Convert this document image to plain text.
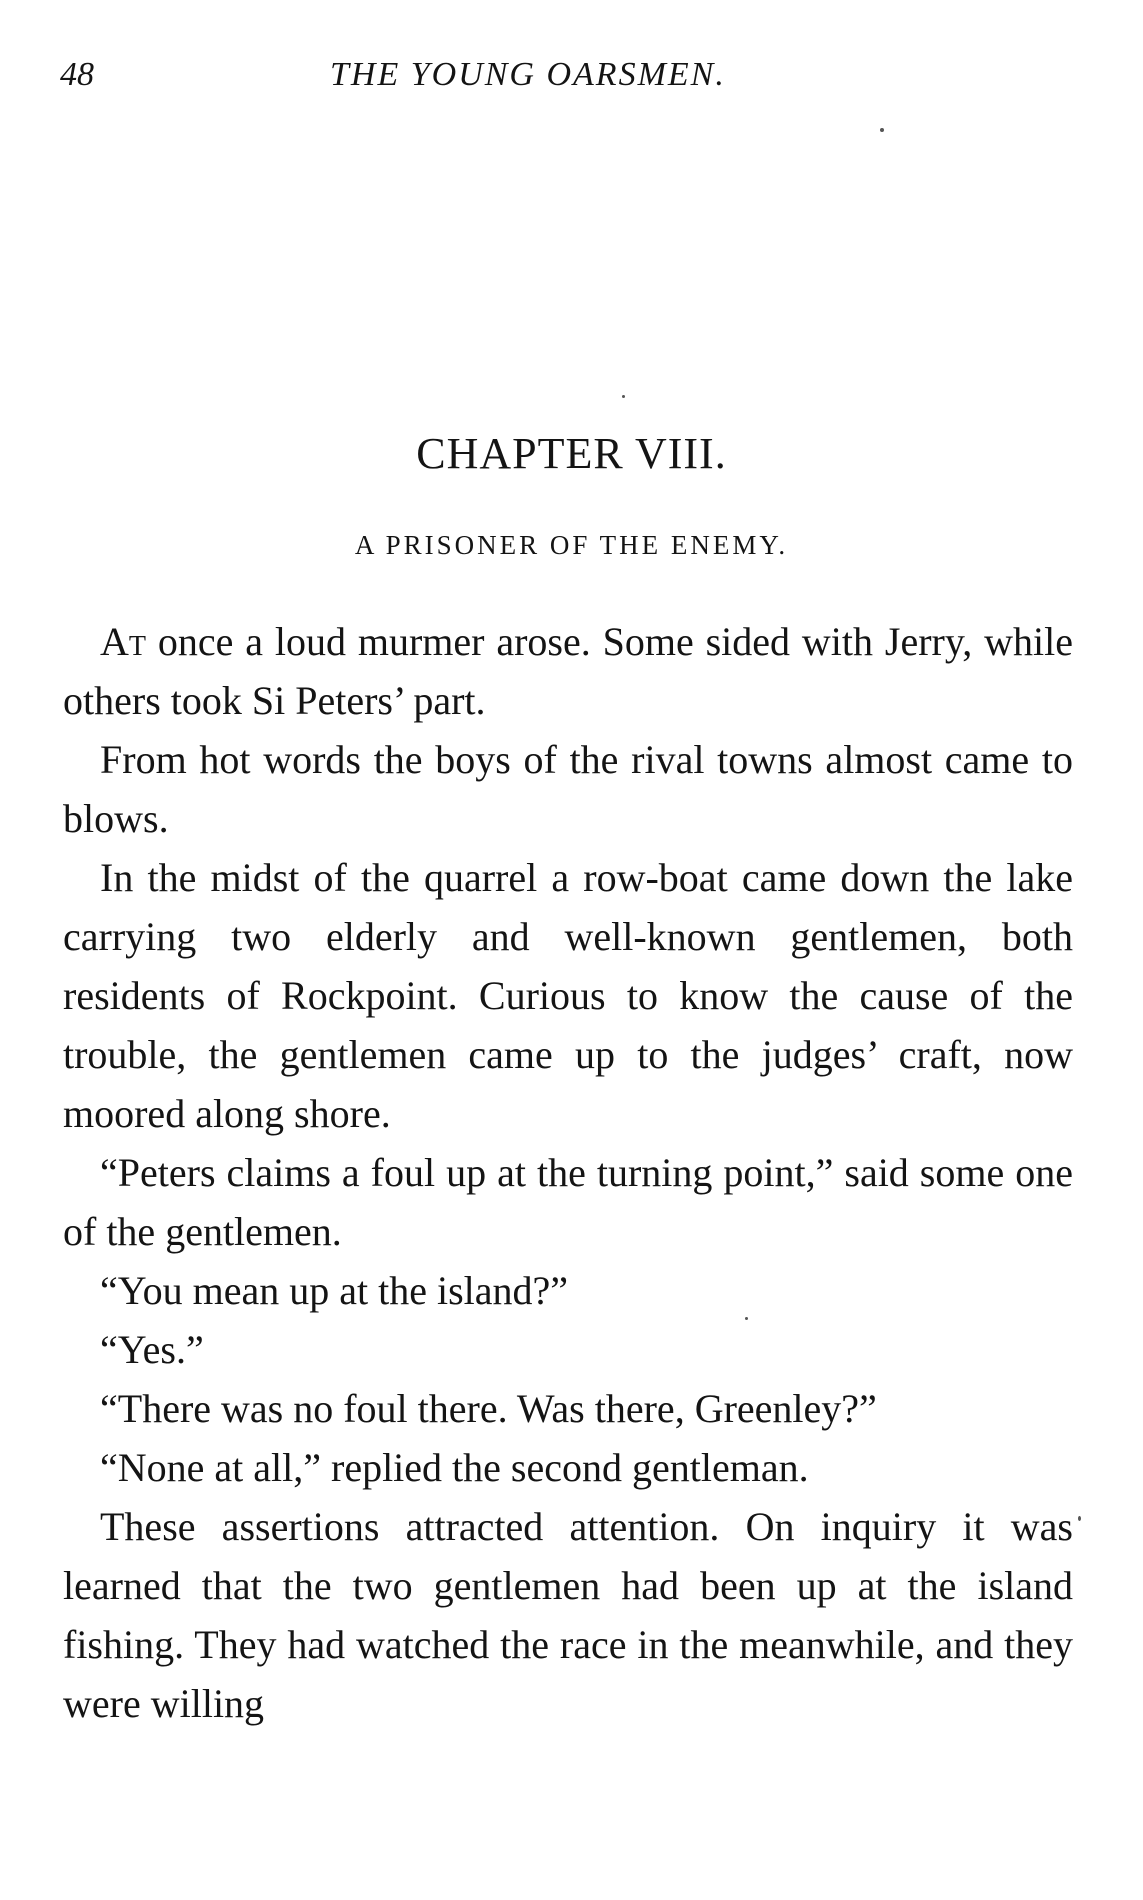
48	THE YOUNG OARSMEN.
CHAPTER VIII.
A PRISONER OF THE ENEMY.

At once a loud murmer arose. Some sided with Jerry, while others took Si Peters’ part.

From hot words the boys of the rival towns almost came to blows.

In the midst of the quarrel a row-boat came down the lake carrying two elderly and well-known gentlemen, both residents of Rockpoint. Curious to know the cause of the trouble, the gentlemen came up to the judges’ craft, now moored along shore.

“Peters claims a foul up at the turning point,” said some one of the gentlemen.

“You mean up at the island?”

“Yes.”

“There was no foul there. Was there, Greenley?”

“None at all,” replied the second gentleman.

These assertions attracted attention. On inquiry it was learned that the two gentlemen had been up at the island fishing. They had watched the race in the meanwhile, and they were willing
